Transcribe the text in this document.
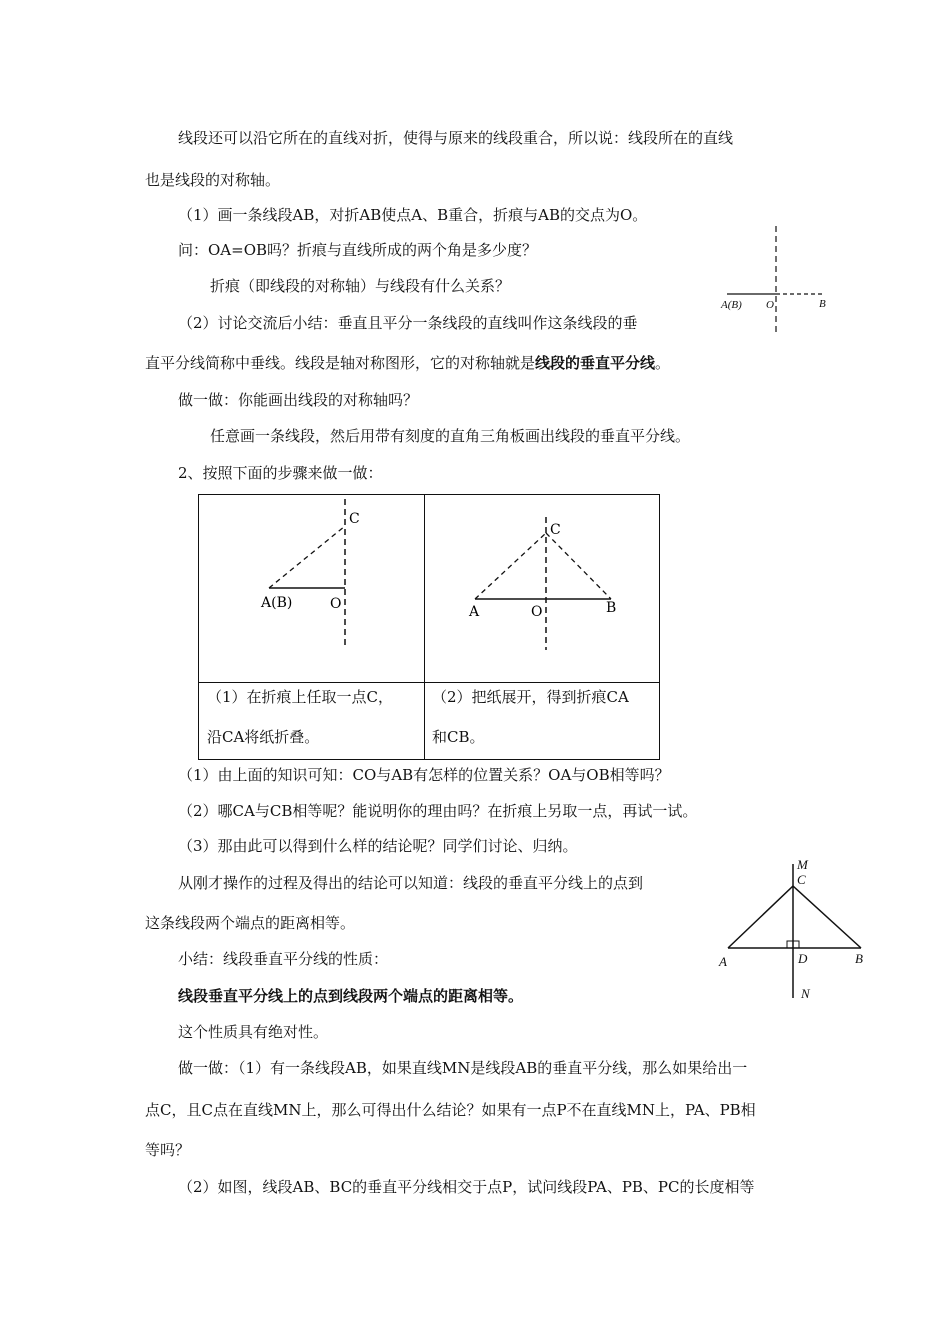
线段还可以沿它所在的直线对折，使得与原来的线段重合，所以说：线段所在的直线
也是线段的对称轴。
（1）画一条线段AB，对折AB使点A、B重合，折痕与AB的交点为O。
问：OA=OB吗？折痕与直线所成的两个角是多少度？
折痕（即线段的对称轴）与线段有什么关系？
（2）讨论交流后小结：垂直且平分一条线段的直线叫作这条线段的垂
直平分线简称中垂线。线段是轴对称图形，它的对称轴就是线段的垂直平分线。
做一做：你能画出线段的对称轴吗？
任意画一条线段，然后用带有刻度的直角三角板画出线段的垂直平分线。
2、按照下面的步骤来做一做：
A(B) O	B
C
A(B)	O
C
A	O	B
（1）在折痕上任取一点C，
沿CA将纸折叠。
（2）把纸展开，得到折痕CA
和CB。
（1）由上面的知识可知：CO与AB有怎样的位置关系？OA与OB相等吗？
（2）哪CA与CB相等呢？能说明你的理由吗？在折痕上另取一点，再试一试。
（3）那由此可以得到什么样的结论呢？同学们讨论、归纳。
从刚才操作的过程及得出的结论可以知道：线段的垂直平分线上的点到
这条线段两个端点的距离相等。
小结：线段垂直平分线的性质：
线段垂直平分线上的点到线段两个端点的距离相等。
这个性质具有绝对性。
M
C
A	D	B
N
做一做：（1）有一条线段AB，如果直线MN是线段AB的垂直平分线，那么如果给出一
点C，且C点在直线MN上，那么可得出什么结论？如果有一点P不在直线MN上，PA、PB相
等吗？
（2）如图，线段AB、BC的垂直平分线相交于点P，试问线段PA、PB、PC的长度相等
